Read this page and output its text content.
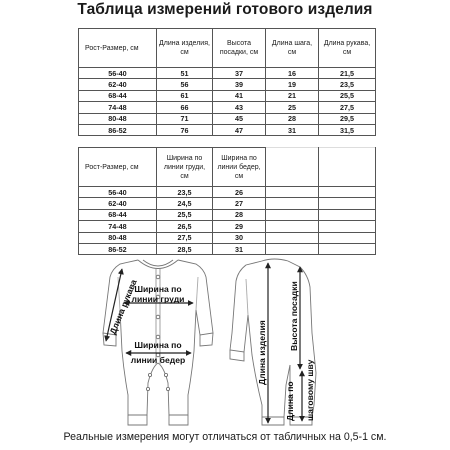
Таблица измерений готового изделия
Рост-Размер, см	Длина изделия, см	Высота посадки, см	Длина шага, см	Длина рукава, см
56-40	51	37	16	21,5
62-40	56	39	19	23,5
68-44	61	41	21	25,5
74-48	66	43	25	27,5
80-48	71	45	28	29,5
86-52	76	47	31	31,5
Рост-Размер, см	Ширина по линии груди, см	Ширина по линии бедер, см		
56-40	23,5	26		
62-40	24,5	27		
68-44	25,5	28		
74-48	26,5	29		
80-48	27,5	30		
86-52	28,5	31		
Длина рукава
Ширина по
линии груди
Ширина по
линии бедер	Длина изделия
Высота посадки
Длина по шаговому шву
Реальные измерения могут отличаться от табличных на 0,5-1 см.
